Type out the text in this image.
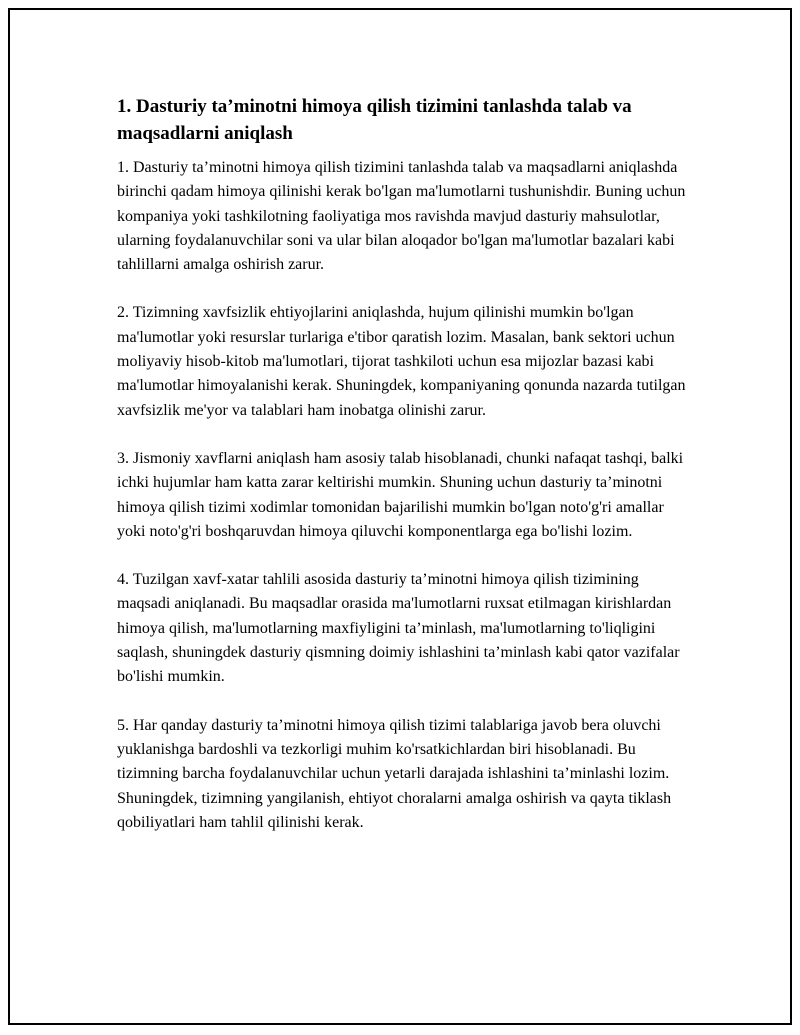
1. Dasturiy ta’minotni himoya qilish tizimini tanlashda talab va maqsadlarni aniqlash

1. Dasturiy ta’minotni himoya qilish tizimini tanlashda talab va maqsadlarni aniqlashda birinchi qadam himoya qilinishi kerak bo'lgan ma'lumotlarni tushunishdir. Buning uchun kompaniya yoki tashkilotning faoliyatiga mos ravishda mavjud dasturiy mahsulotlar, ularning foydalanuvchilar soni va ular bilan aloqador bo'lgan ma'lumotlar bazalari kabi tahlillarni amalga oshirish zarur.

2. Tizimning xavfsizlik ehtiyojlarini aniqlashda, hujum qilinishi mumkin bo'lgan ma'lumotlar yoki resurslar turlariga e'tibor qaratish lozim. Masalan, bank sektori uchun moliyaviy hisob-kitob ma'lumotlari, tijorat tashkiloti uchun esa mijozlar bazasi kabi ma'lumotlar himoyalanishi kerak. Shuningdek, kompaniyaning qonunda nazarda tutilgan xavfsizlik me'yor va talablari ham inobatga olinishi zarur.

3. Jismoniy xavflarni aniqlash ham asosiy talab hisoblanadi, chunki nafaqat tashqi, balki ichki hujumlar ham katta zarar keltirishi mumkin. Shuning uchun dasturiy ta’minotni himoya qilish tizimi xodimlar tomonidan bajarilishi mumkin bo'lgan noto'g'ri amallar yoki noto'g'ri boshqaruvdan himoya qiluvchi komponentlarga ega bo'lishi lozim.

4. Tuzilgan xavf-xatar tahlili asosida dasturiy ta’minotni himoya qilish tizimining maqsadi aniqlanadi. Bu maqsadlar orasida ma'lumotlarni ruxsat etilmagan kirishlardan himoya qilish, ma'lumotlarning maxfiyligini ta’minlash, ma'lumotlarning to'liqligini saqlash, shuningdek dasturiy qismning doimiy ishlashini ta’minlash kabi qator vazifalar bo'lishi mumkin.

5. Har qanday dasturiy ta’minotni himoya qilish tizimi talablariga javob bera oluvchi yuklanishga bardoshli va tezkorligi muhim ko'rsatkichlardan biri hisoblanadi. Bu tizimning barcha foydalanuvchilar uchun yetarli darajada ishlashini ta’minlashi lozim. Shuningdek, tizimning yangilanish, ehtiyot choralarni amalga oshirish va qayta tiklash qobiliyatlari ham tahlil qilinishi kerak.
